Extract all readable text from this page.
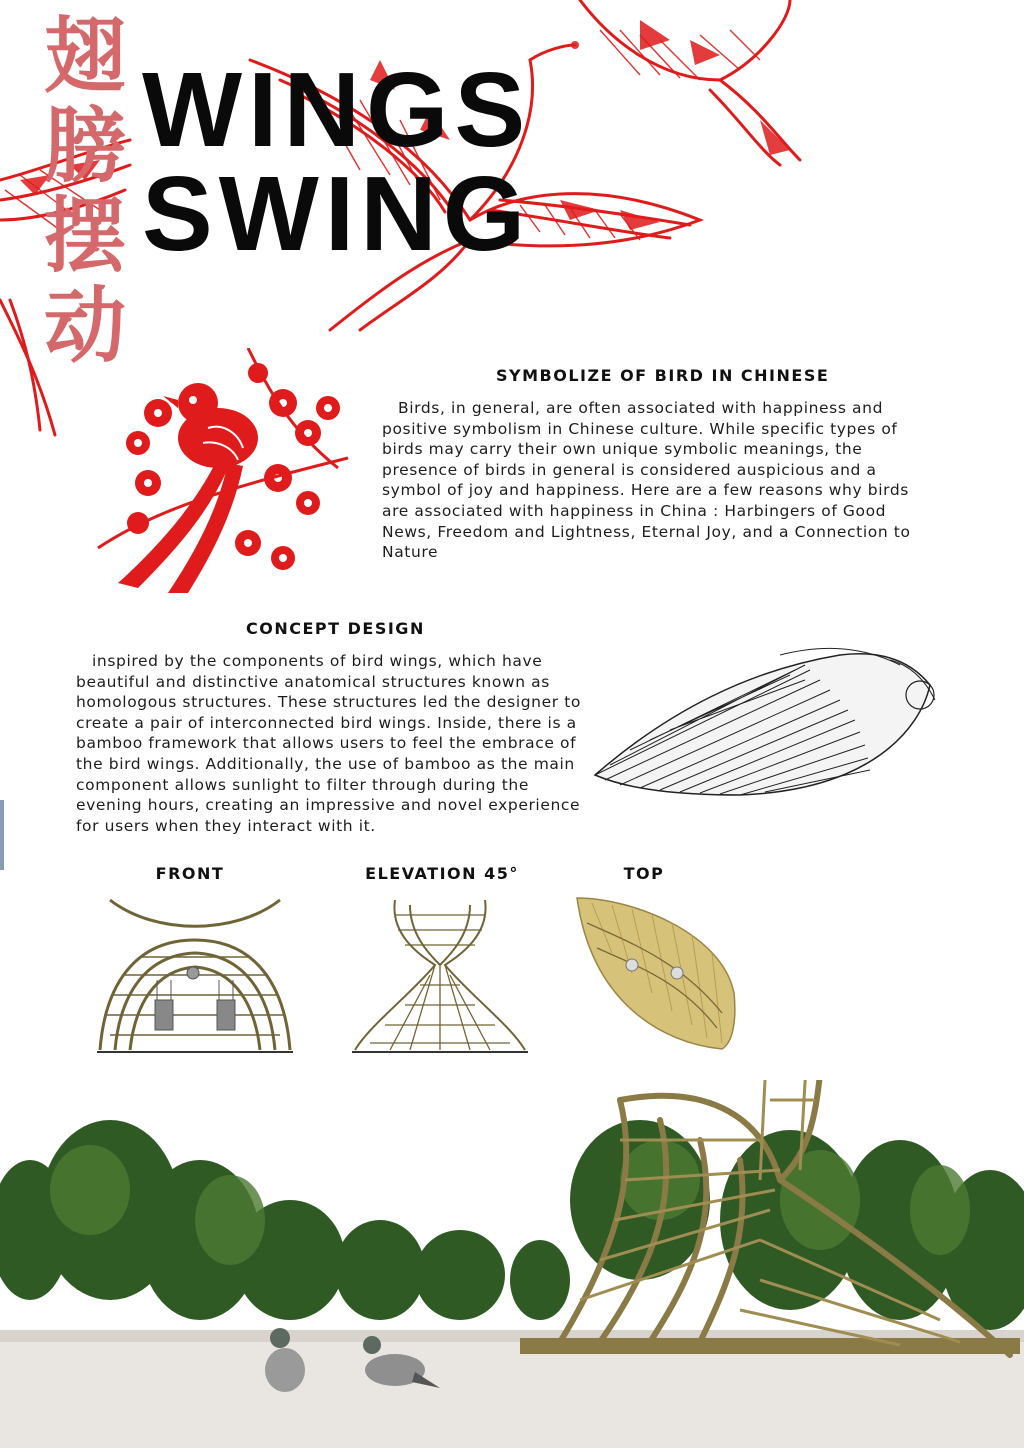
翅
膀
摆
动
WINGS
SWING
SYMBOLIZE OF BIRD IN CHINESE
Birds, in general, are often associated with happiness and positive symbolism in Chinese culture. While specific types of birds may carry their own unique symbolic meanings, the presence of birds in general is considered auspicious and a symbol of joy and happiness. Here are a few reasons why birds are associated with happiness in China : Harbingers of Good News, Freedom and Lightness, Eternal Joy, and a Connection to Nature
CONCEPT DESIGN
inspired by the components of bird wings, which have beautiful and distinctive anatomical structures known as homologous structures. These structures led the designer to create a pair of interconnected bird wings. Inside, there is a bamboo framework that allows users to feel the embrace of the bird wings. Additionally, the use of bamboo as the main component allows sunlight to filter through during the evening hours, creating an impressive and novel experience for users when they interact with it.
FRONT	ELEVATION 45°	TOP
